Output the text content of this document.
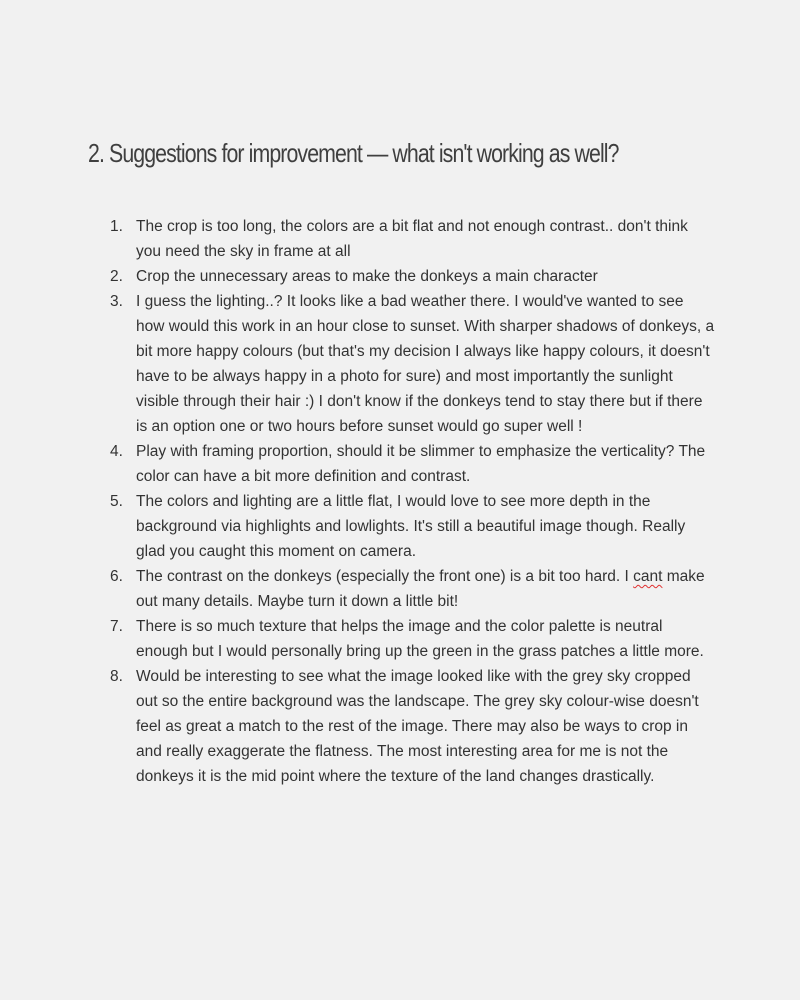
2. Suggestions for improvement — what isn't working as well?
1. The crop is too long, the colors are a bit flat and not enough contrast.. don't think you need the sky in frame at all
2. Crop the unnecessary areas to make the donkeys a main character
3. I guess the lighting..? It looks like a bad weather there. I would've wanted to see how would this work in an hour close to sunset. With sharper shadows of donkeys, a bit more happy colours (but that's my decision I always like happy colours, it doesn't have to be always happy in a photo for sure) and most importantly the sunlight visible through their hair :) I don't know if the donkeys tend to stay there but if there is an option one or two hours before sunset would go super well !
4. Play with framing proportion, should it be slimmer to emphasize the verticality? The color can have a bit more definition and contrast.
5. The colors and lighting are a little flat, I would love to see more depth in the background via highlights and lowlights. It's still a beautiful image though. Really glad you caught this moment on camera.
6. The contrast on the donkeys (especially the front one) is a bit too hard. I cant make out many details. Maybe turn it down a little bit!
7. There is so much texture that helps the image and the color palette is neutral enough but I would personally bring up the green in the grass patches a little more.
8. Would be interesting to see what the image looked like with the grey sky cropped out so the entire background was the landscape. The grey sky colour-wise doesn't feel as great a match to the rest of the image. There may also be ways to crop in and really exaggerate the flatness. The most interesting area for me is not the donkeys it is the mid point where the texture of the land changes drastically.
